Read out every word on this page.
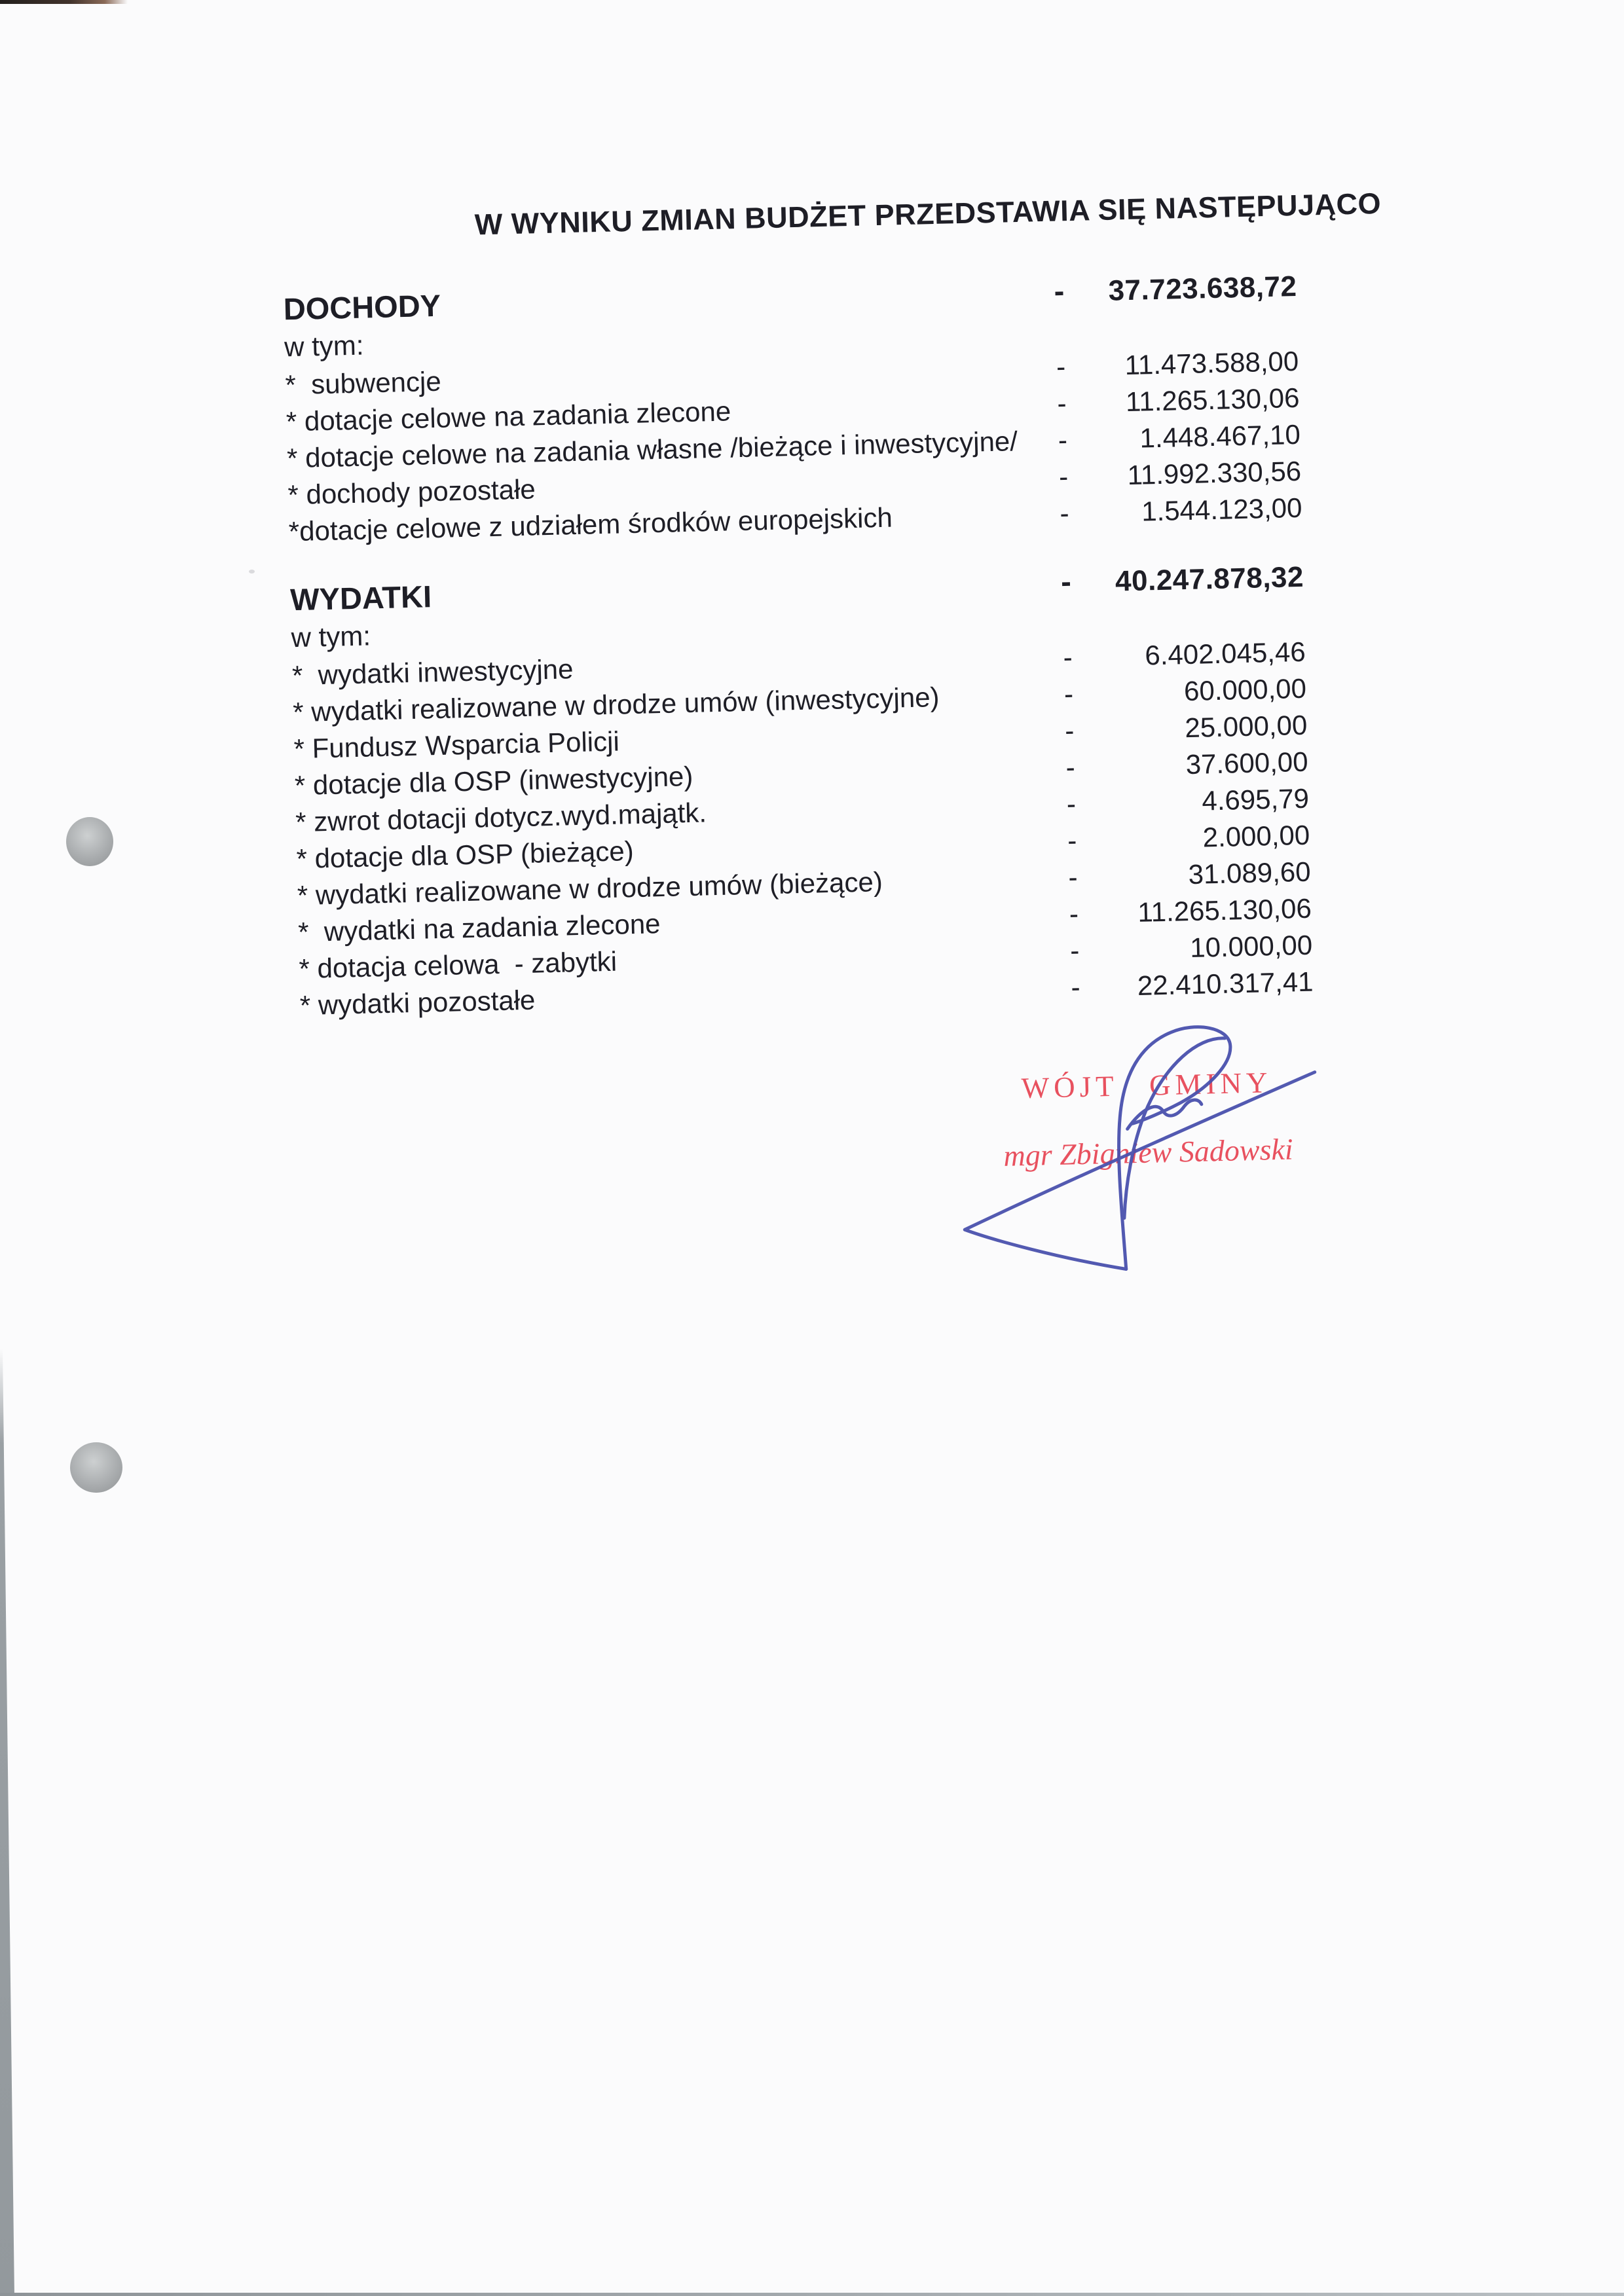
W WYNIKU ZMIAN BUDŻET PRZEDSTAWIA SIĘ NASTĘPUJĄCO
DOCHODY	-	37.723.638,72
w tym:
*  subwencje	-	11.473.588,00
* dotacje celowe na zadania zlecone	-	11.265.130,06
* dotacje celowe na zadania własne /bieżące i inwestycyjne/	-	1.448.467,10
* dochody pozostałe	-	11.992.330,56
*dotacje celowe z udziałem środków europejskich	-	1.544.123,00
WYDATKI	-	40.247.878,32
w tym:
*  wydatki inwestycyjne	-	6.402.045,46
* wydatki realizowane w drodze umów (inwestycyjne)	-	60.000,00
* Fundusz Wsparcia Policji	-	25.000,00
* dotacje dla OSP (inwestycyjne)	-	37.600,00
* zwrot dotacji dotycz.wyd.majątk.	-	4.695,79
* dotacje dla OSP (bieżące)	-	2.000,00
* wydatki realizowane w drodze umów (bieżące)	-	31.089,60
*  wydatki na zadania zlecone	-	11.265.130,06
* dotacja celowa  - zabytki	-	10.000,00
* wydatki pozostałe	-	22.410.317,41
WÓJT GMINY
mgr Zbigniew Sadowski
